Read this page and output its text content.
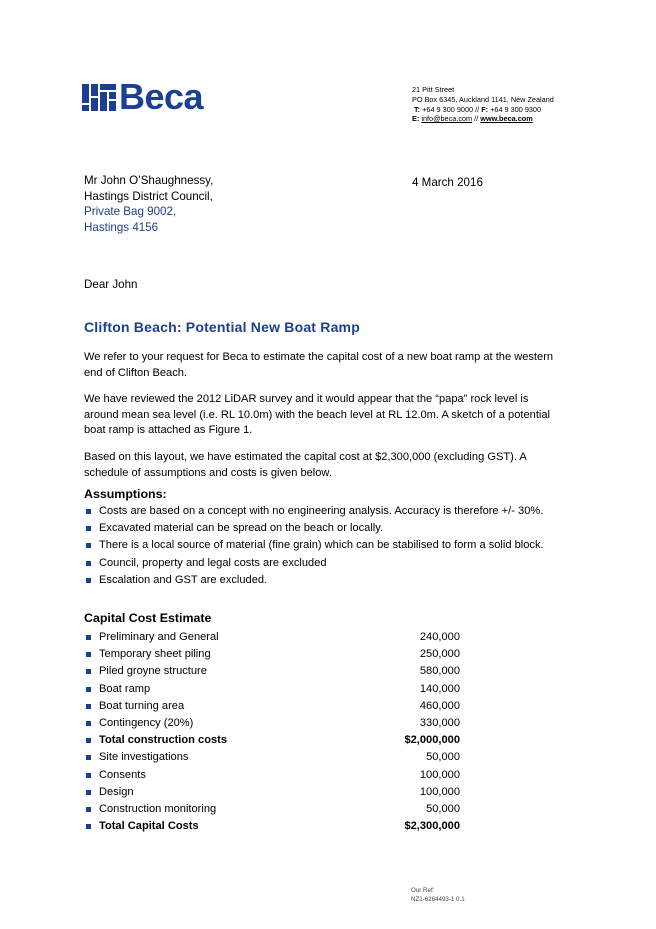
Beca	21 Pitt Street
PO Box 6345, Auckland 1141, New Zealand
T: +64 9 300 9000 // F: +64 9 300 9300
E: info@beca.com // www.beca.com
Mr John O’Shaughnessy,
Hastings District Council,
Private Bag 9002,
Hastings 4156
4 March 2016
Dear John
Clifton Beach: Potential New Boat Ramp
We refer to your request for Beca to estimate the capital cost of a new boat ramp at the western end of Clifton Beach.
We have reviewed the 2012 LiDAR survey and it would appear that the “papa” rock level is around mean sea level (i.e. RL 10.0m) with the beach level at RL 12.0m. A sketch of a potential boat ramp is attached as Figure 1.
Based on this layout, we have estimated the capital cost at $2,300,000 (excluding GST). A schedule of assumptions and costs is given below.
Assumptions:
Costs are based on a concept with no engineering analysis. Accuracy is therefore +/- 30%.
Excavated material can be spread on the beach or locally.
There is a local source of material (fine grain) which can be stabilised to form a solid block.
Council, property and legal costs are excluded
Escalation and GST are excluded.
Capital Cost Estimate
Preliminary and General	240,000
Temporary sheet piling	250,000
Piled groyne structure	580,000
Boat ramp	140,000
Boat turning area	460,000
Contingency (20%)	330,000
Total construction costs	$2,000,000
Site investigations	50,000
Consents	100,000
Design	100,000
Construction monitoring	50,000
Total Capital Costs	$2,300,000
Our Ref:
NZ1-6264493-1 0.1
